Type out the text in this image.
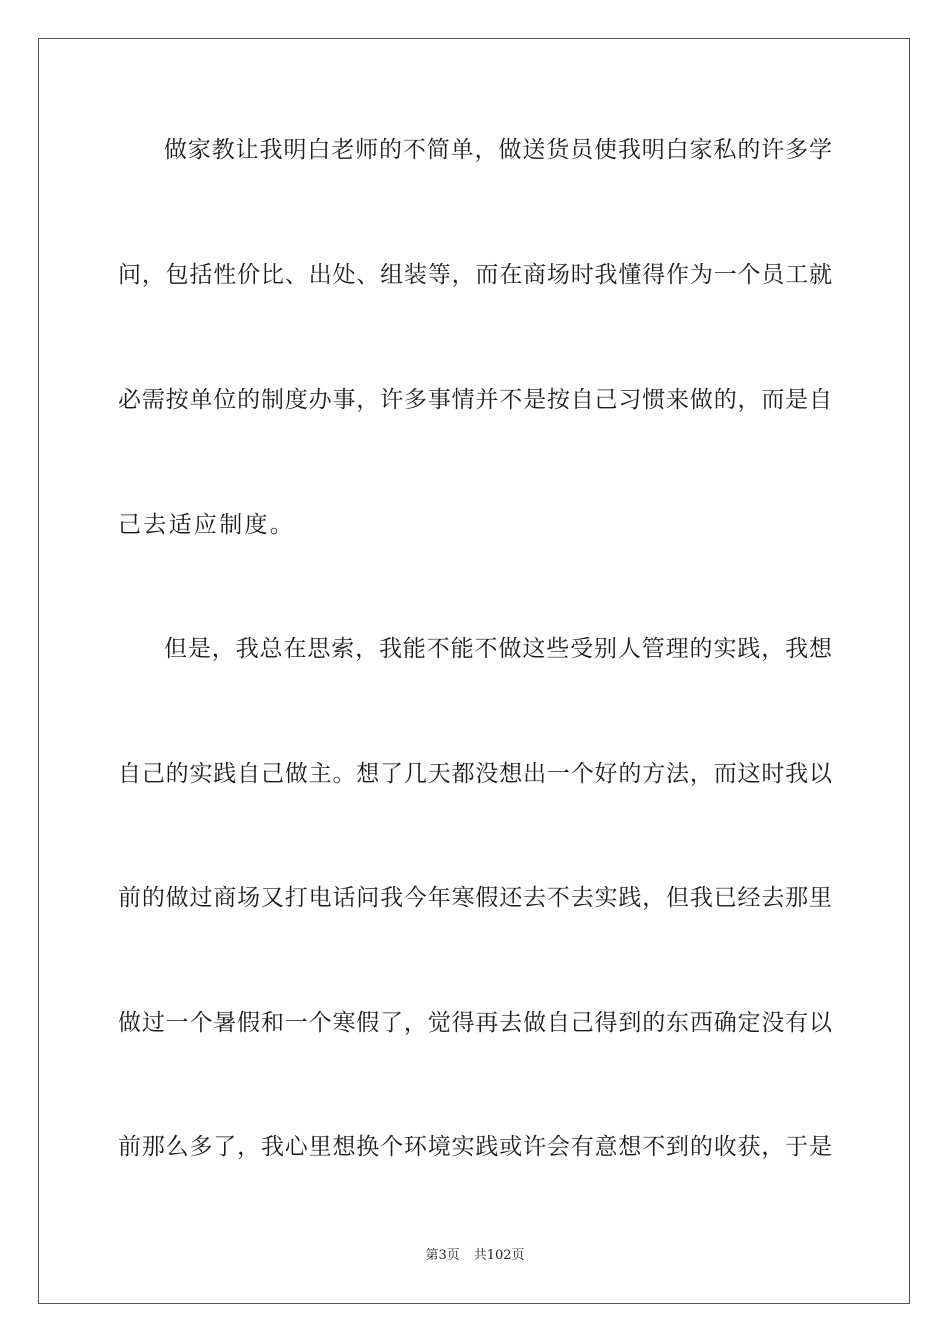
做家教让我明白老师的不简单，做送货员使我明白家私的许多学
问，包括性价比、出处、组装等，而在商场时我懂得作为一个员工就
必需按单位的制度办事，许多事情并不是按自己习惯来做的，而是自
己去适应制度。
但是，我总在思索，我能不能不做这些受别人管理的实践，我想
自己的实践自己做主。想了几天都没想出一个好的方法，而这时我以
前的做过商场又打电话问我今年寒假还去不去实践，但我已经去那里
做过一个暑假和一个寒假了，觉得再去做自己得到的东西确定没有以
前那么多了，我心里想换个环境实践或许会有意想不到的收获，于是
第3页 共102页
